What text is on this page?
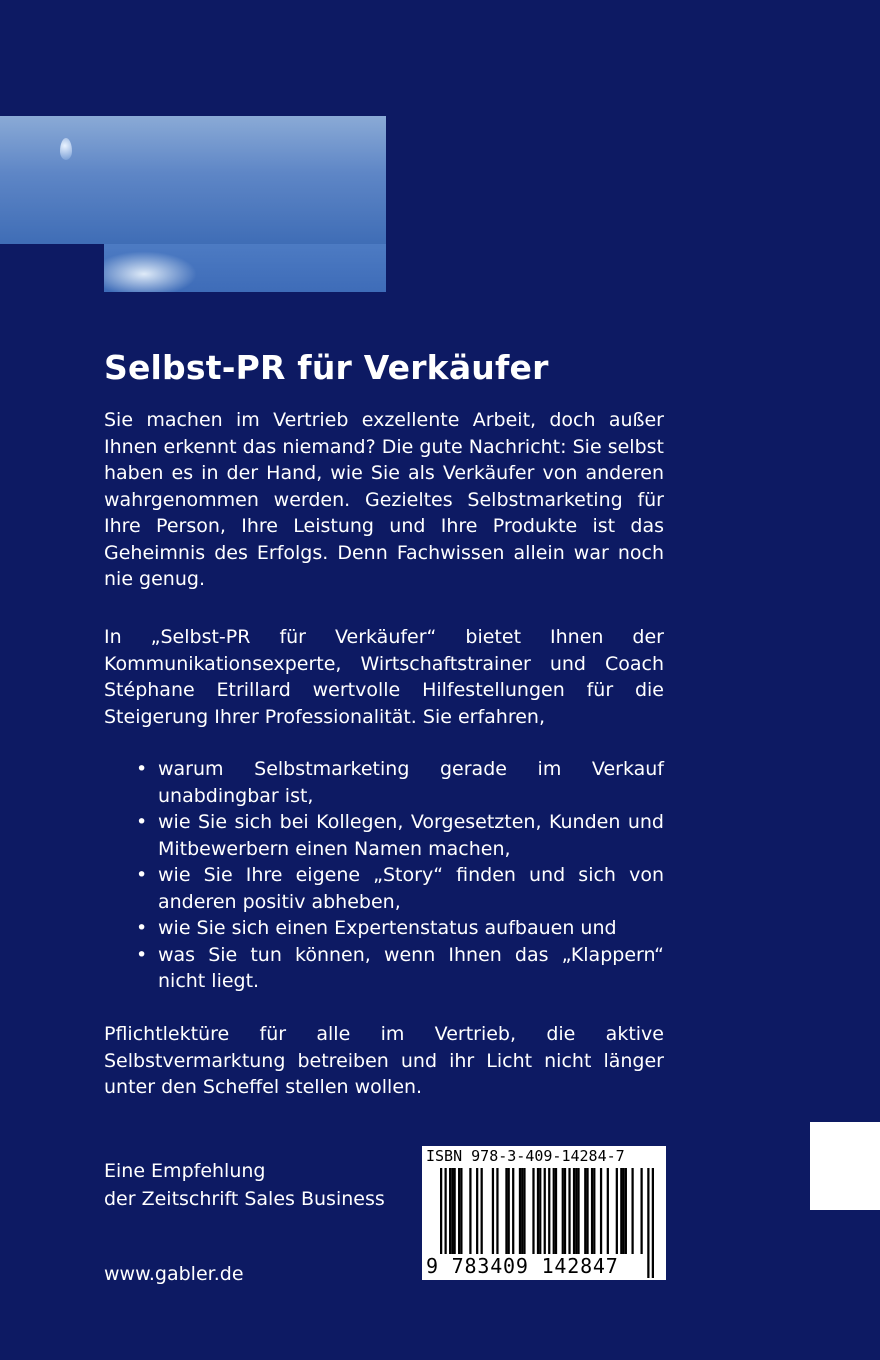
Selbst-PR für Verkäufer

Sie machen im Vertrieb exzellente Arbeit, doch außer Ihnen erkennt das niemand? Die gute Nachricht: Sie selbst haben es in der Hand, wie Sie als Verkäufer von anderen wahrgenommen werden. Gezieltes Selbstmarketing für Ihre Person, Ihre Leistung und Ihre Produkte ist das Geheimnis des Erfolgs. Denn Fachwissen allein war noch nie genug.

In „Selbst-PR für Verkäufer“ bietet Ihnen der Kommunikationsexperte, Wirtschaftstrainer und Coach Stéphane Etrillard wertvolle Hilfestellungen für die Steigerung Ihrer Professionalität. Sie erfahren,

• warum Selbstmarketing gerade im Verkauf unabdingbar ist,
• wie Sie sich bei Kollegen, Vorgesetzten, Kunden und Mitbewerbern einen Namen machen,
• wie Sie Ihre eigene „Story“ finden und sich von anderen positiv abheben,
• wie Sie sich einen Expertenstatus aufbauen und
• was Sie tun können, wenn Ihnen das „Klappern“ nicht liegt.

Pflichtlektüre für alle im Vertrieb, die aktive Selbstvermarktung betreiben und ihr Licht nicht länger unter den Scheffel stellen wollen.

Eine Empfehlung
der Zeitschrift Sales Business
www.gabler.de
ISBN 978-3-409-14284-7
9 783409 142847
